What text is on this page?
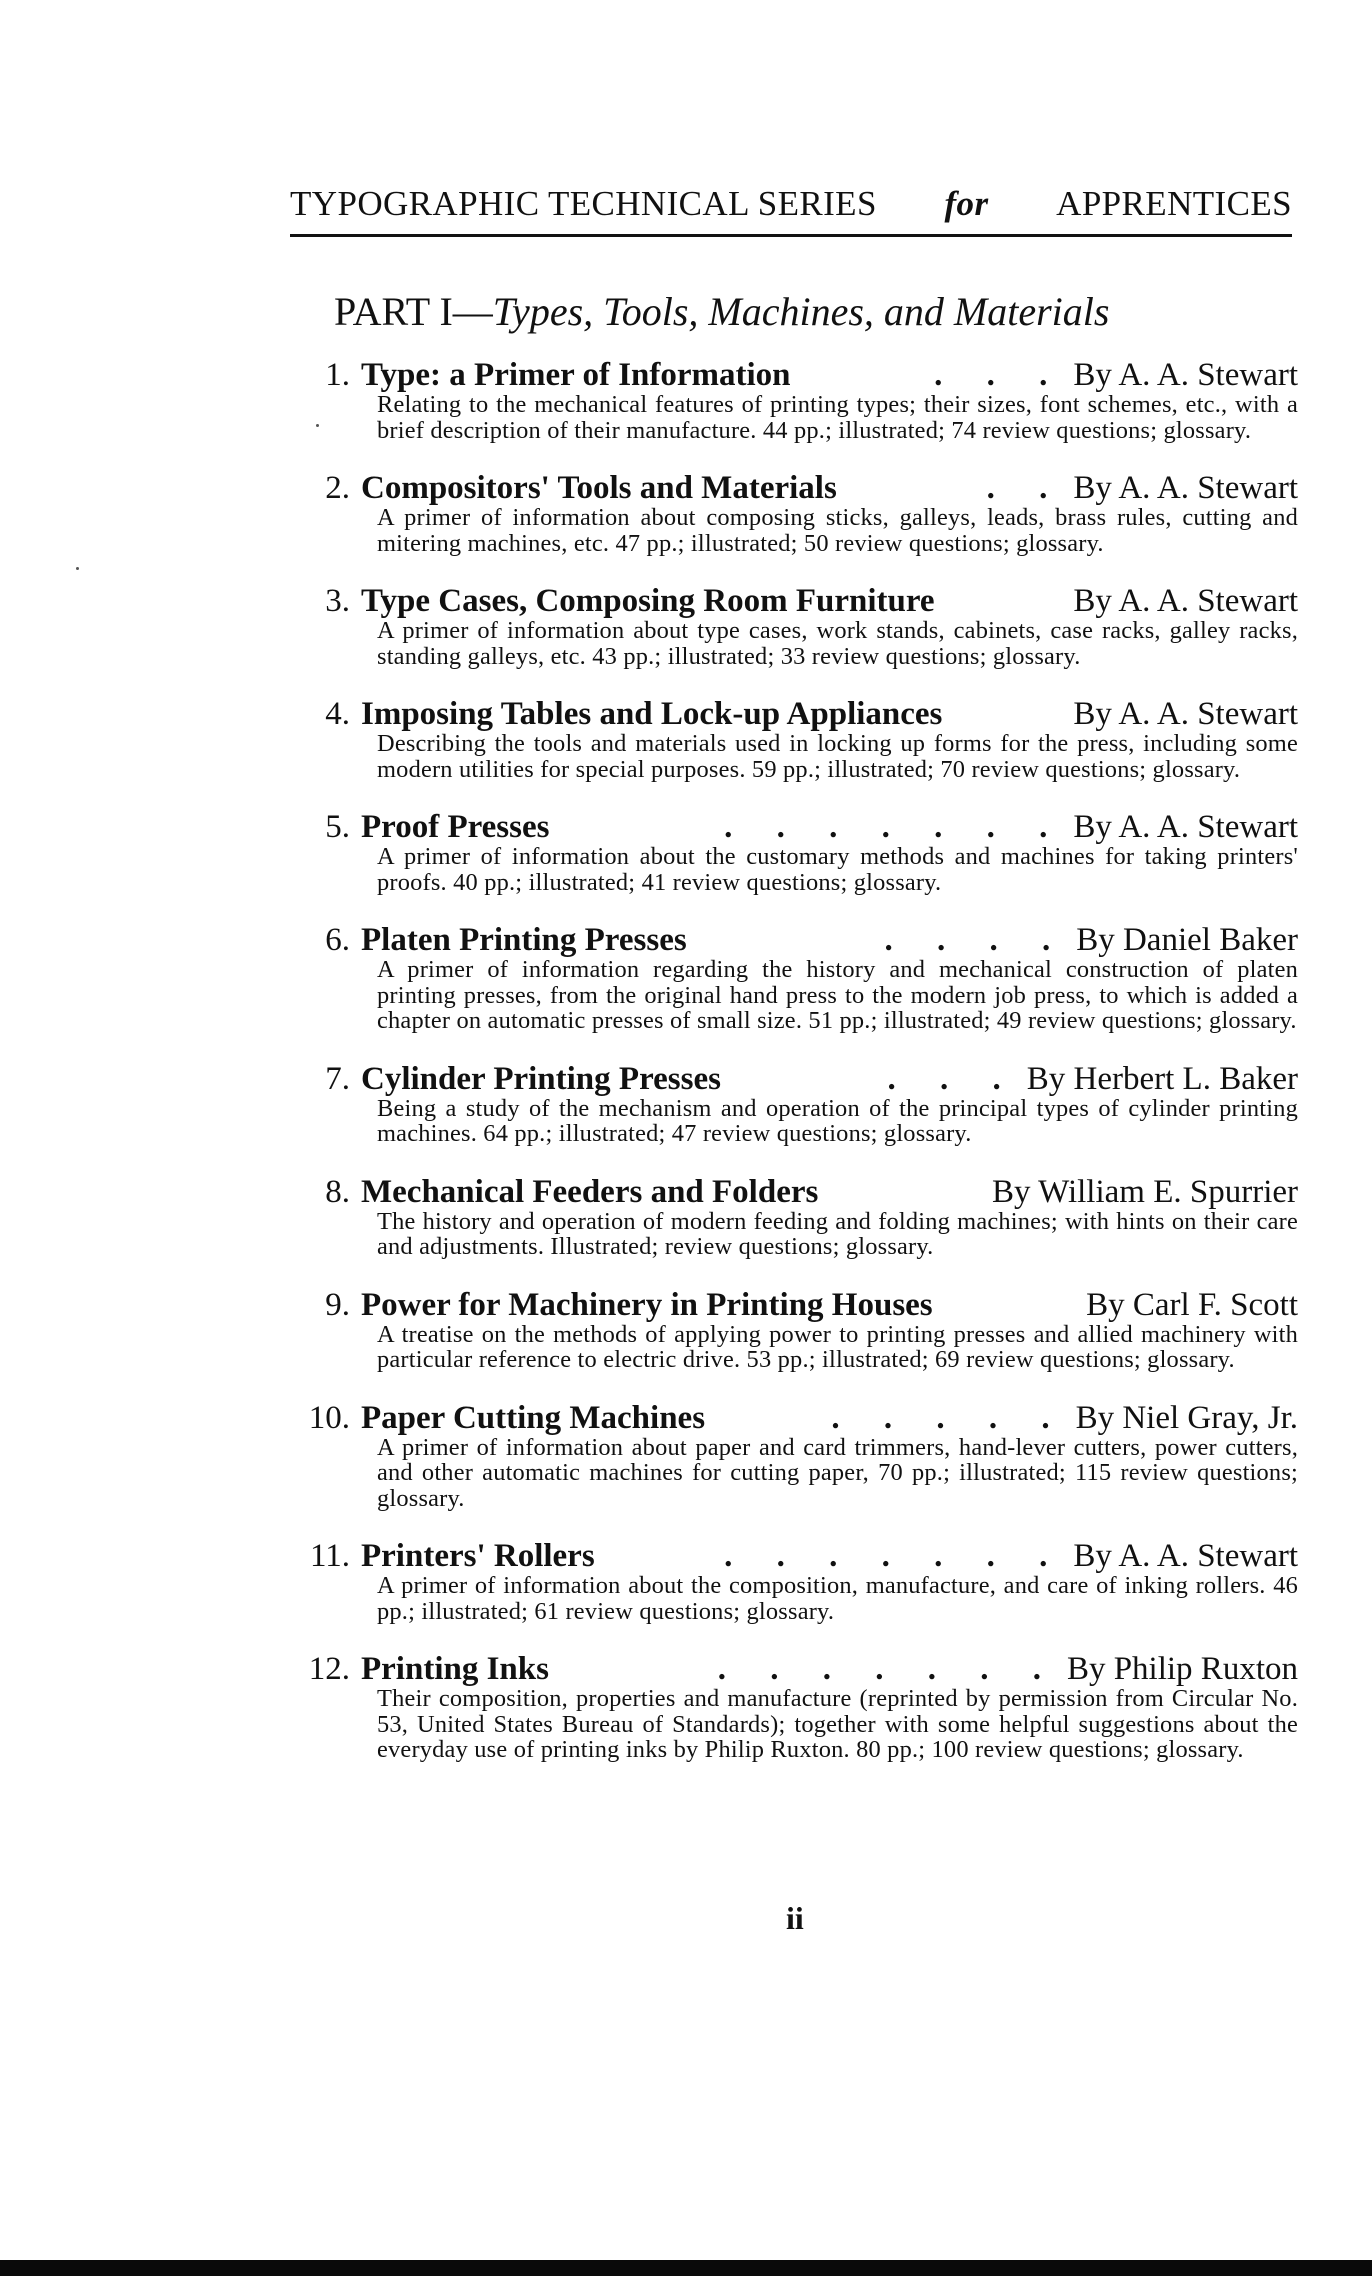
TYPOGRAPHIC TECHNICAL SERIES for APPRENTICES
PART I—Types, Tools, Machines, and Materials
1. Type: a Primer of Information	. . . By A. A. Stewart
Relating to the mechanical features of printing types; their sizes, font schemes, etc., with a brief description of their manufacture. 44 pp.; illustrated; 74 review questions; glossary.
2. Compositors' Tools and Materials	. . By A. A. Stewart
A primer of information about composing sticks, galleys, leads, brass rules, cutting and mitering machines, etc. 47 pp.; illustrated; 50 review questions; glossary.
3. Type Cases, Composing Room Furniture	By A. A. Stewart
A primer of information about type cases, work stands, cabinets, case racks, galley racks, standing galleys, etc. 43 pp.; illustrated; 33 review questions; glossary.
4. Imposing Tables and Lock-up Appliances	By A. A. Stewart
Describing the tools and materials used in locking up forms for the press, including some modern utilities for special purposes. 59 pp.; illustrated; 70 review questions; glossary.
5. Proof Presses	. . . . . . . By A. A. Stewart
A primer of information about the customary methods and machines for taking printers' proofs. 40 pp.; illustrated; 41 review questions; glossary.
6. Platen Printing Presses	. . . . By Daniel Baker
A primer of information regarding the history and mechanical construction of platen printing presses, from the original hand press to the modern job press, to which is added a chapter on automatic presses of small size. 51 pp.; illustrated; 49 review questions; glossary.
7. Cylinder Printing Presses	. . . By Herbert L. Baker
Being a study of the mechanism and operation of the principal types of cylinder printing machines. 64 pp.; illustrated; 47 review questions; glossary.
8. Mechanical Feeders and Folders	By William E. Spurrier
The history and operation of modern feeding and folding machines; with hints on their care and adjustments. Illustrated; review questions; glossary.
9. Power for Machinery in Printing Houses	By Carl F. Scott
A treatise on the methods of applying power to printing presses and allied machinery with particular reference to electric drive. 53 pp.; illustrated; 69 review questions; glossary.
10. Paper Cutting Machines	. . . . . By Niel Gray, Jr.
A primer of information about paper and card trimmers, hand-lever cutters, power cutters, and other automatic machines for cutting paper, 70 pp.; illustrated; 115 review questions; glossary.
11. Printers' Rollers	. . . . . . . By A. A. Stewart
A primer of information about the composition, manufacture, and care of inking rollers. 46 pp.; illustrated; 61 review questions; glossary.
12. Printing Inks	. . . . . . . By Philip Ruxton
Their composition, properties and manufacture (reprinted by permission from Circular No. 53, United States Bureau of Standards); together with some helpful suggestions about the everyday use of printing inks by Philip Ruxton. 80 pp.; 100 review questions; glossary.
ii
